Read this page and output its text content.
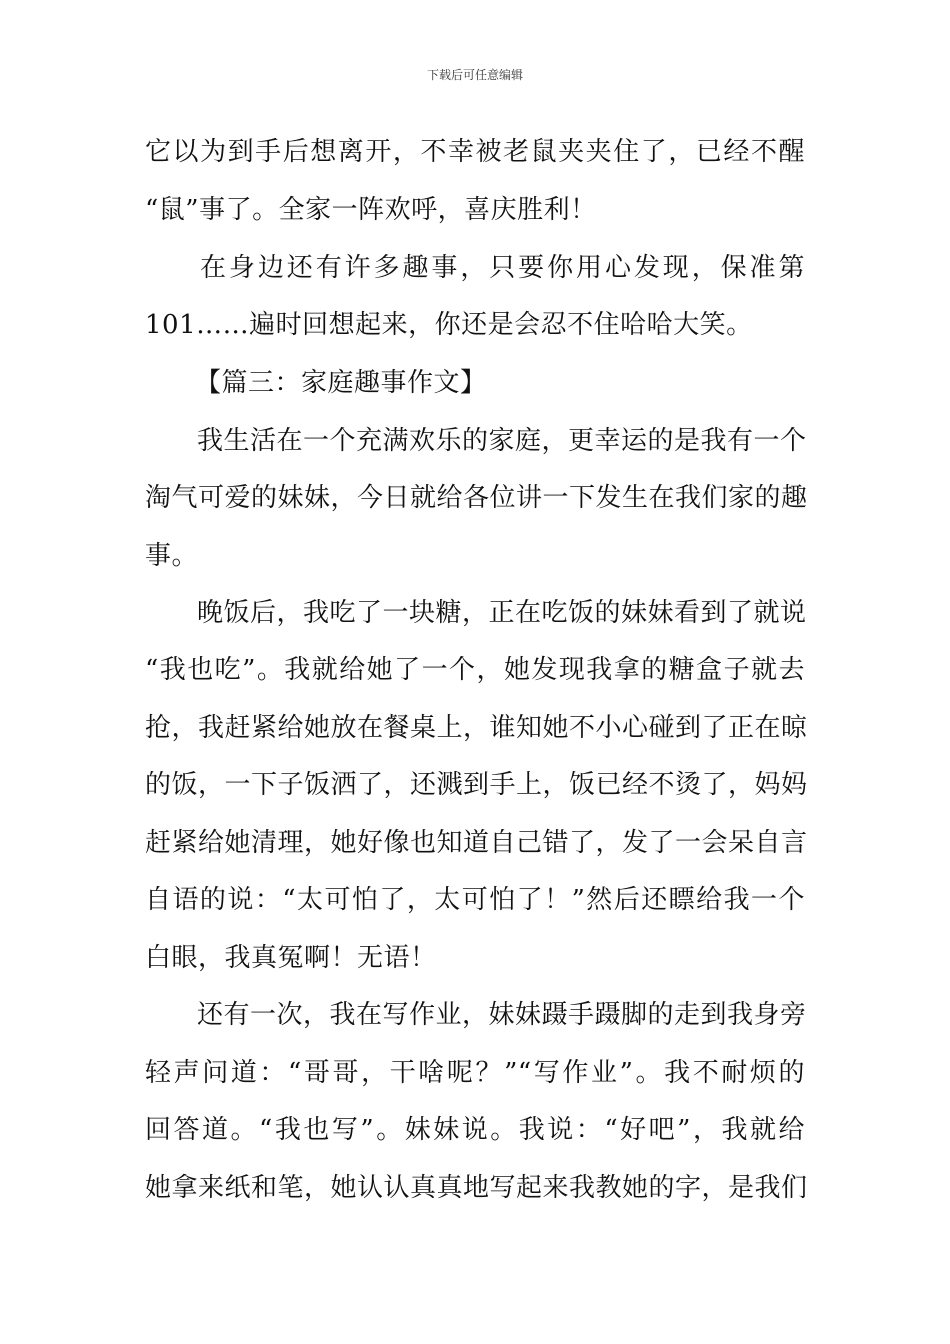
下载后可任意编辑
它以为到手后想离开，不幸被老鼠夹夹住了，已经不醒
“鼠”事了。全家一阵欢呼，喜庆胜利！
在身边还有许多趣事，只要你用心发现，保准第
101……遍时回想起来，你还是会忍不住哈哈大笑。
【篇三：家庭趣事作文】
我生活在一个充满欢乐的家庭，更幸运的是我有一个
淘气可爱的妹妹，今日就给各位讲一下发生在我们家的趣
事。
晚饭后，我吃了一块糖，正在吃饭的妹妹看到了就说
“我也吃”。我就给她了一个，她发现我拿的糖盒子就去
抢，我赶紧给她放在餐桌上，谁知她不小心碰到了正在晾
的饭，一下子饭洒了，还溅到手上，饭已经不烫了，妈妈
赶紧给她清理，她好像也知道自己错了，发了一会呆自言
自语的说：“太可怕了，太可怕了！”然后还瞟给我一个
白眼，我真冤啊！无语！
还有一次，我在写作业，妹妹蹑手蹑脚的走到我身旁
轻声问道：“哥哥，干啥呢？”“写作业”。我不耐烦的
回答道。“我也写”。妹妹说。我说：“好吧”，我就给
她拿来纸和笔，她认认真真地写起来我教她的字，是我们
